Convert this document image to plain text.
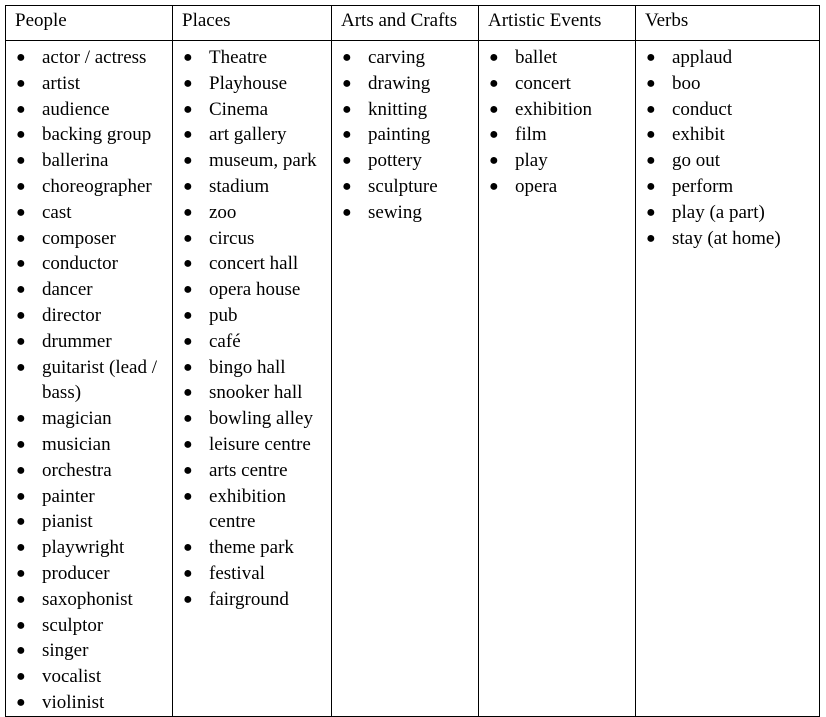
People	Places	Arts and Crafts	Artistic Events	Verbs

● actor / actress
● artist
● audience
● backing group
● ballerina
● choreographer
● cast
● composer
● conductor
● dancer
● director
● drummer
● guitarist (lead / bass)
● magician
● musician
● orchestra
● painter
● pianist
● playwright
● producer
● saxophonist
● sculptor
● singer
● vocalist
● violinist

● Theatre
● Playhouse
● Cinema
● art gallery
● museum, park
● stadium
● zoo
● circus
● concert hall
● opera house
● pub
● café
● bingo hall
● snooker hall
● bowling alley
● leisure centre
● arts centre
● exhibition centre
● theme park
● festival
● fairground

● carving
● drawing
● knitting
● painting
● pottery
● sculpture
● sewing

● ballet
● concert
● exhibition
● film
● play
● opera

● applaud
● boo
● conduct
● exhibit
● go out
● perform
● play (a part)
● stay (at home)
